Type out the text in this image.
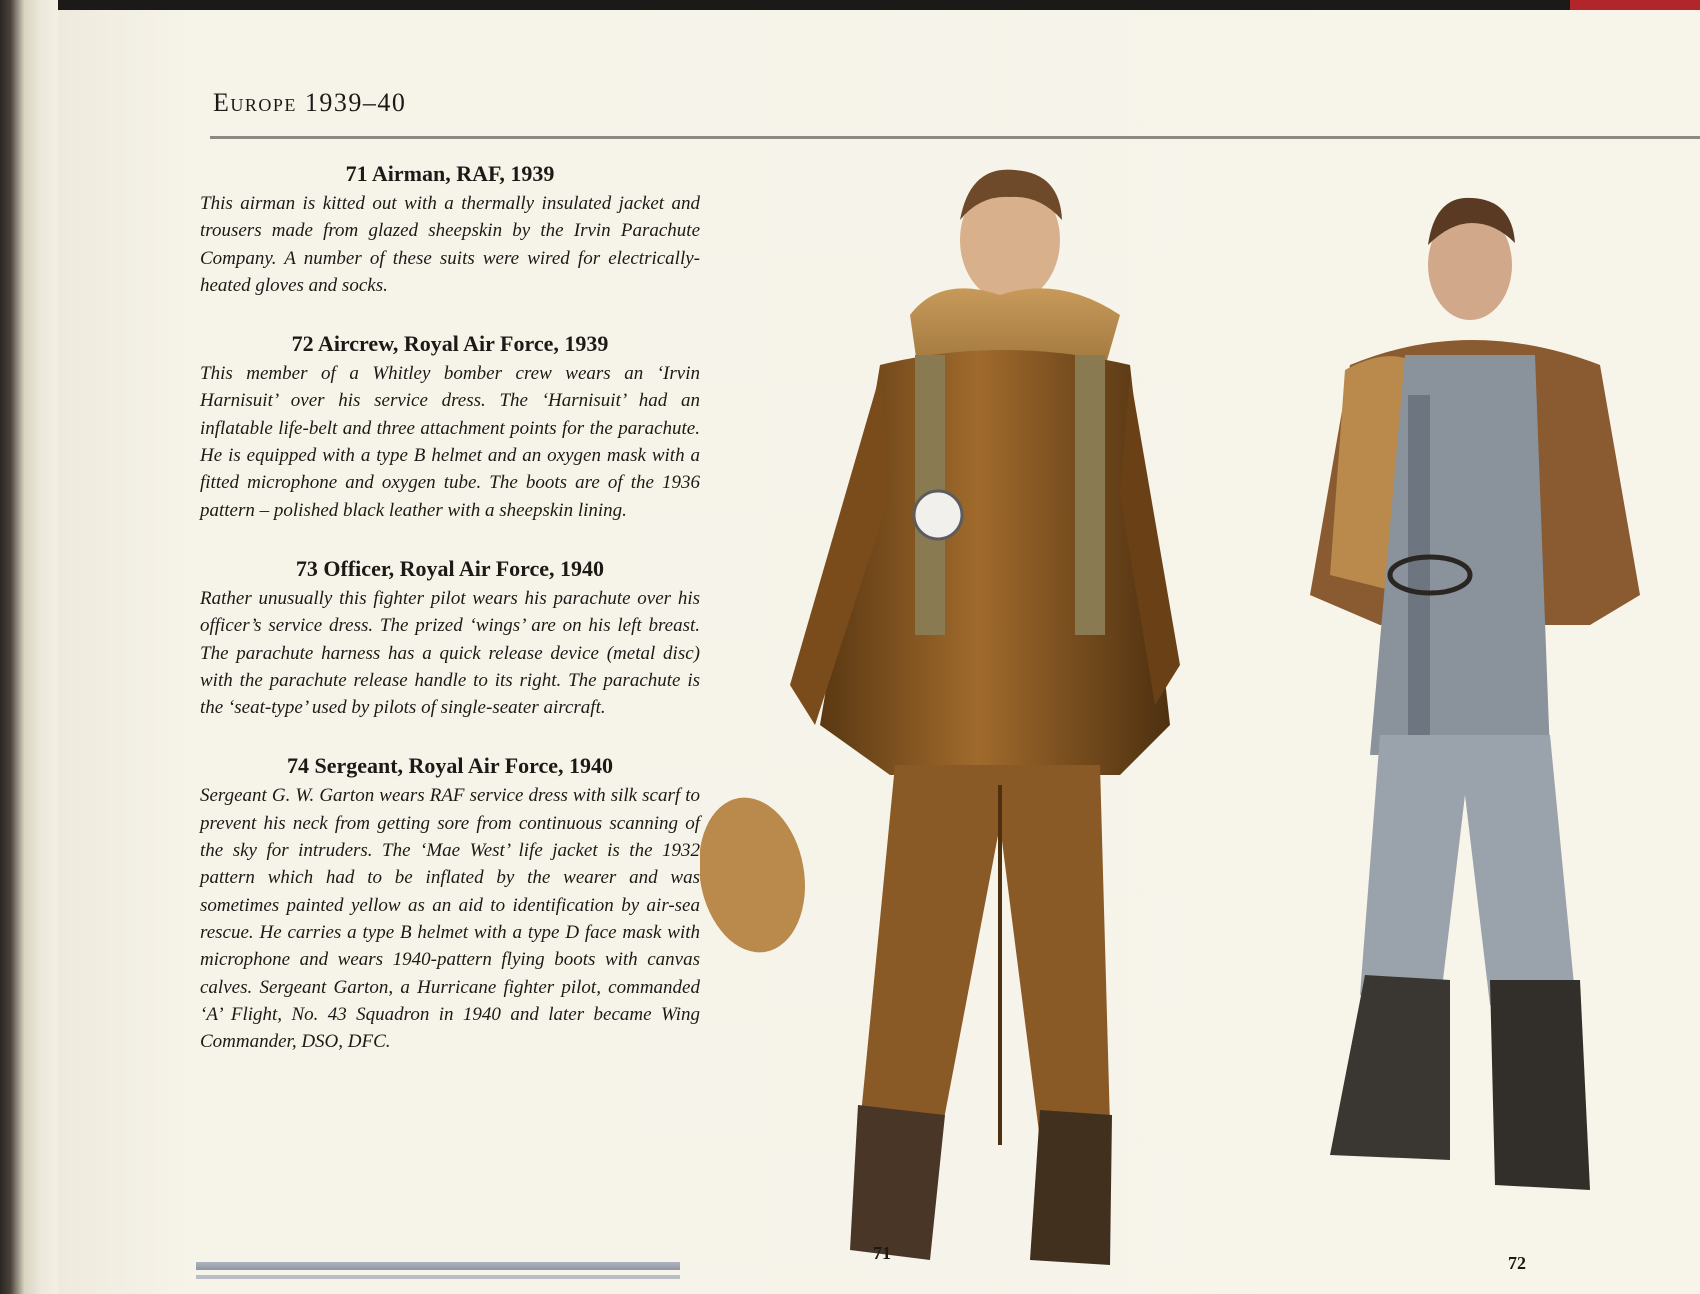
Europe 1939–40

71 Airman, RAF, 1939

This airman is kitted out with a thermally insulated jacket and trousers made from glazed sheepskin by the Irvin Parachute Company. A number of these suits were wired for electrically-heated gloves and socks.

72 Aircrew, Royal Air Force, 1939

This member of a Whitley bomber crew wears an ‘Irvin Harnisuit’ over his service dress. The ‘Harnisuit’ had an inflatable life-belt and three attachment points for the parachute. He is equipped with a type B helmet and an oxygen mask with a fitted microphone and oxygen tube. The boots are of the 1936 pattern – polished black leather with a sheepskin lining.

73 Officer, Royal Air Force, 1940

Rather unusually this fighter pilot wears his parachute over his officer’s service dress. The prized ‘wings’ are on his left breast. The parachute harness has a quick release device (metal disc) with the parachute release handle to its right. The parachute is the ‘seat-type’ used by pilots of single-seater aircraft.

74 Sergeant, Royal Air Force, 1940

Sergeant G. W. Garton wears RAF service dress with silk scarf to prevent his neck from getting sore from continuous scanning of the sky for intruders. The ‘Mae West’ life jacket is the 1932 pattern which had to be inflated by the wearer and was sometimes painted yellow as an aid to identification by air-sea rescue. He carries a type B helmet with a type D face mask with microphone and wears 1940-pattern flying boots with canvas calves. Sergeant Garton, a Hurricane fighter pilot, commanded ‘A’ Flight, No. 43 Squadron in 1940 and later became Wing Commander, DSO, DFC.

71	72
